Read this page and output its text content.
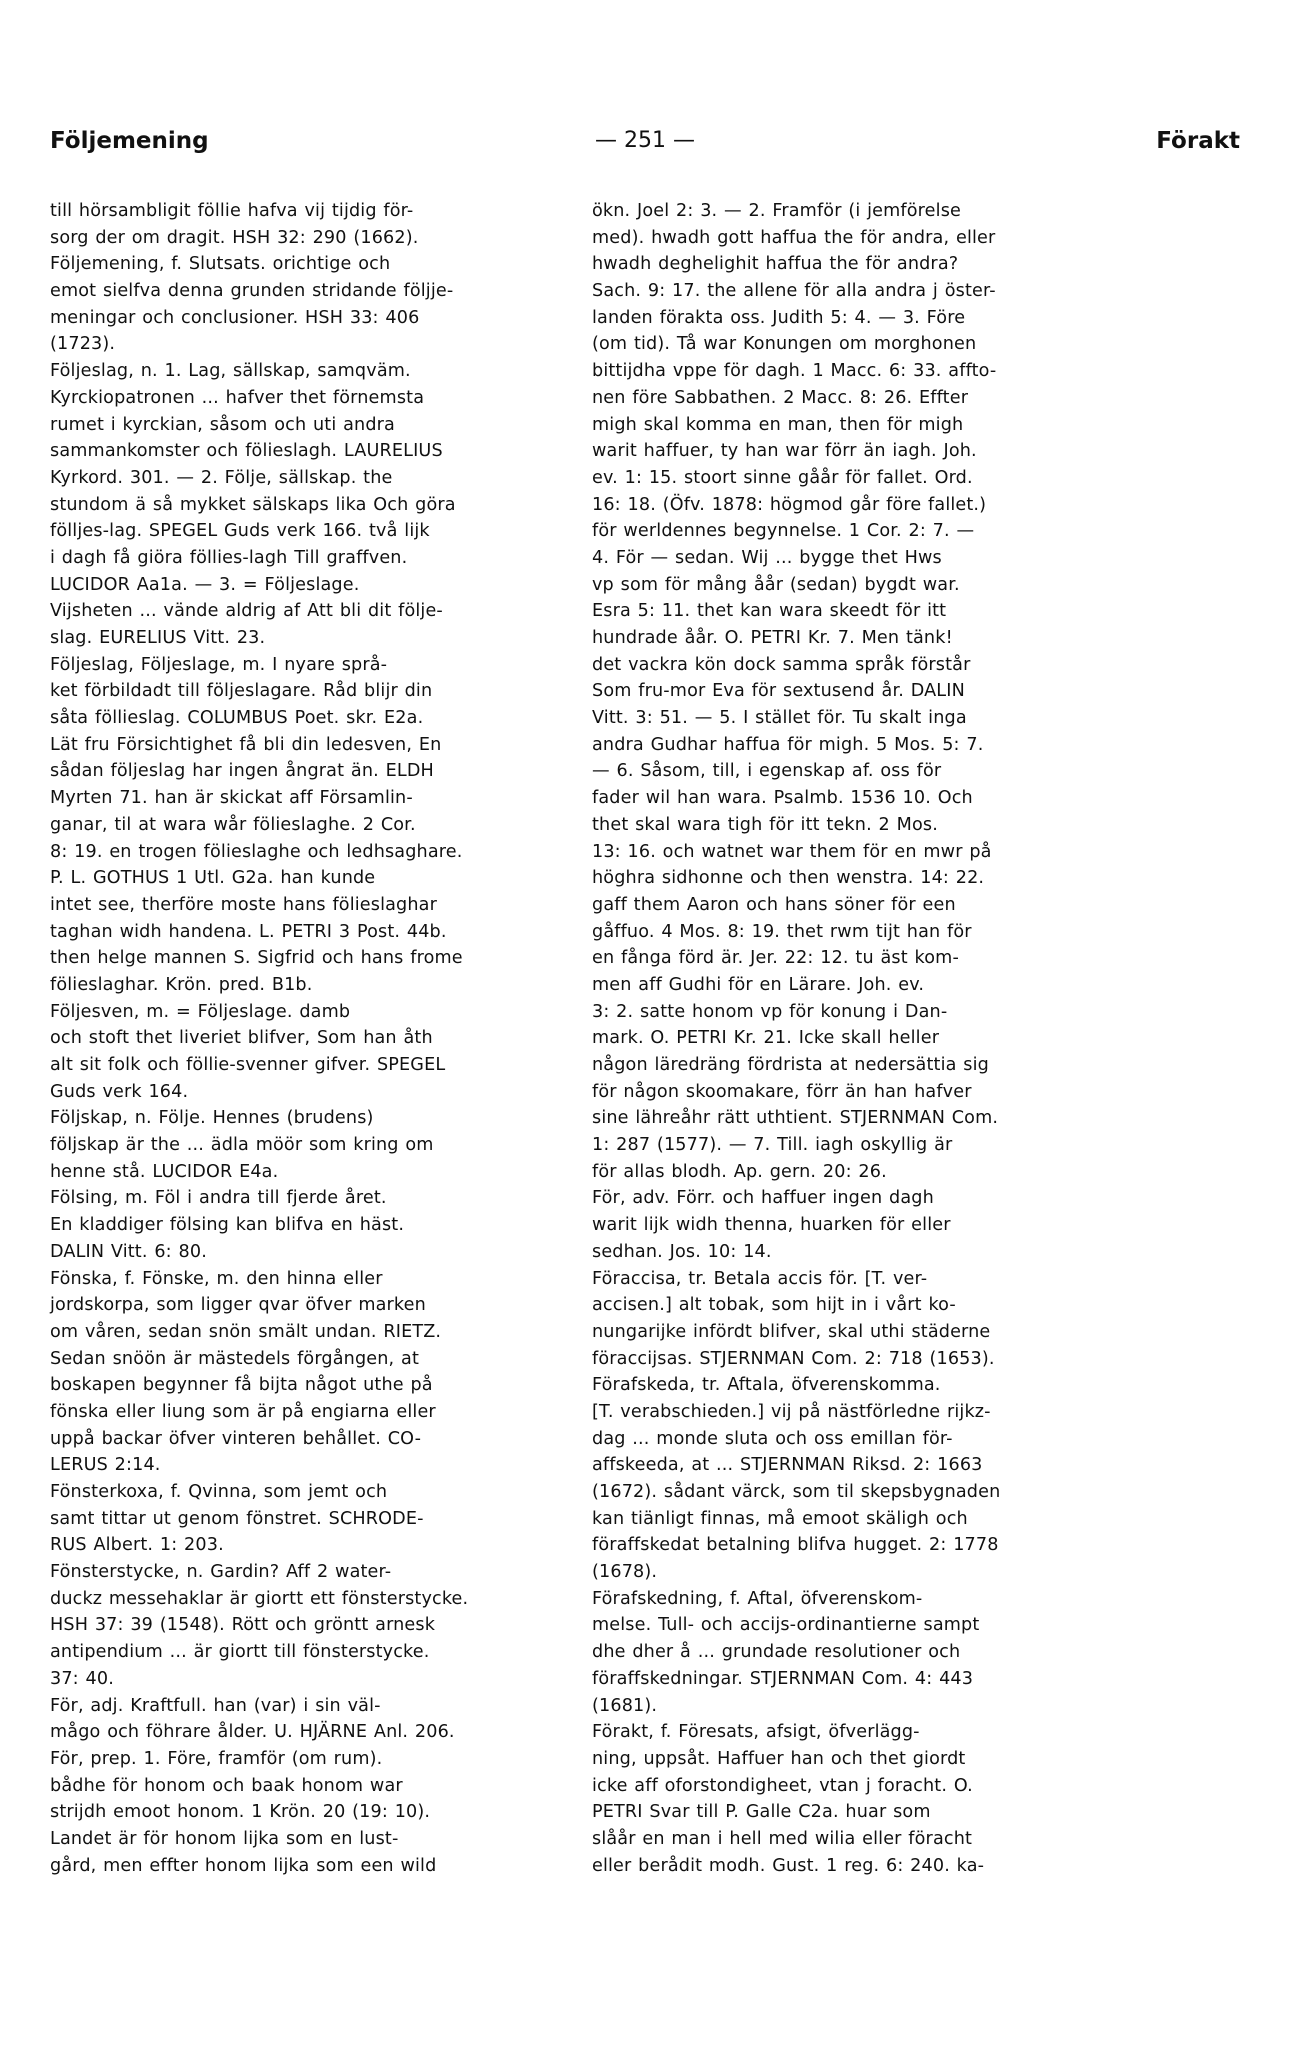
Följemening	— 251 —	Förakt
till hörsambligit föllie hafva vij tijdig för-
sorg der om dragit. HSH 32: 290 (1662).
Följemening, f. Slutsats. orichtige och
emot sielfva denna grunden stridande följje-
meningar och conclusioner. HSH 33: 406
(1723).
Följeslag, n. 1. Lag, sällskap, samqväm.
Kyrckiopatronen ... hafver thet förnemsta
rumet i kyrckian, såsom och uti andra
sammankomster och fölieslagh. LAURELIUS
Kyrkord. 301. — 2. Följe, sällskap. the
stundom ä så mykket sälskaps lika Och göra
fölljes-lag. SPEGEL Guds verk 166. två lijk
i dagh få giöra föllies-lagh Till graffven.
LUCIDOR Aa1a. — 3. = Följeslage.
Vijsheten ... vände aldrig af Att bli dit följe-
slag. EURELIUS Vitt. 23.
Följeslag, Följeslage, m. I nyare språ-
ket förbildadt till följeslagare. Råd blijr din
såta föllieslag. COLUMBUS Poet. skr. E2a.
Lät fru Försichtighet få bli din ledesven, En
sådan följeslag har ingen ångrat än. ELDH
Myrten 71. han är skickat aff Församlin-
ganar, til at wara wår fölieslaghe. 2 Cor.
8: 19. en trogen fölieslaghe och ledhsaghare.
P. L. GOTHUS 1 Utl. G2a. han kunde
intet see, therföre moste hans fölieslaghar
taghan widh handena. L. PETRI 3 Post. 44b.
then helge mannen S. Sigfrid och hans frome
fölieslaghar. Krön. pred. B1b.
Följesven, m. = Följeslage. damb
och stoft thet liveriet blifver, Som han åth
alt sit folk och föllie-svenner gifver. SPEGEL
Guds verk 164.
Följskap, n. Följe. Hennes (brudens)
följskap är the ... ädla möör som kring om
henne stå. LUCIDOR E4a.
Fölsing, m. Föl i andra till fjerde året.
En kladdiger fölsing kan blifva en häst.
DALIN Vitt. 6: 80.
Fönska, f. Fönske, m. den hinna eller
jordskorpa, som ligger qvar öfver marken
om våren, sedan snön smält undan. RIETZ.
Sedan snöön är mästedels förgången, at
boskapen begynner få bijta något uthe på
fönska eller liung som är på engiarna eller
uppå backar öfver vinteren behållet. CO-
LERUS 2:14.
Fönsterkoxa, f. Qvinna, som jemt och
samt tittar ut genom fönstret. SCHRODE-
RUS Albert. 1: 203.
Fönsterstycke, n. Gardin? Aff 2 water-
duckz messehaklar är giortt ett fönsterstycke.
HSH 37: 39 (1548). Rött och gröntt arnesk
antipendium ... är giortt till fönsterstycke.
37: 40.
För, adj. Kraftfull. han (var) i sin väl-
mågo och föhrare ålder. U. HJÄRNE Anl. 206.
För, prep. 1. Före, framför (om rum).
bådhe för honom och baak honom war
strijdh emoot honom. 1 Krön. 20 (19: 10).
Landet är för honom lijka som en lust-
gård, men effter honom lijka som een wild
ökn. Joel 2: 3. — 2. Framför (i jemförelse
med). hwadh gott haffua the för andra, eller
hwadh deghelighit haffua the för andra?
Sach. 9: 17. the allene för alla andra j öster-
landen föraktа oss. Judith 5: 4. — 3. Före
(om tid). Tå war Konungen om morghonen
bittijdha vppe för dagh. 1 Macc. 6: 33. affto-
nen före Sabbathen. 2 Macc. 8: 26. Effter
migh skal komma en man, then för migh
warit haffuer, ty han war förr än iagh. Joh.
ev. 1: 15. stoort sinne gåår för fallet. Ord.
16: 18. (Öfv. 1878: högmod går före fallet.)
för werldennes begynnelse. 1 Cor. 2: 7. —
4. För — sedan. Wij ... bygge thet Hws
vp som för mång åår (sedan) bygdt war.
Esra 5: 11. thet kan wara skeedt för itt
hundrade åår. O. PETRI Kr. 7. Men tänk!
det vackra kön dock samma språk förstår
Som fru-mor Eva för sextusend år. DALIN
Vitt. 3: 51. — 5. I stället för. Tu skalt inga
andra Gudhar haffua för migh. 5 Mos. 5: 7.
— 6. Såsom, till, i egenskap af. oss för
fader wil han wara. Psalmb. 1536 10. Och
thet skal wara tigh för itt tekn. 2 Mos.
13: 16. och watnet war them för en mwr på
höghra sidhonne och then wenstra. 14: 22.
gaff them Aaron och hans söner för een
gåffuo. 4 Mos. 8: 19. thet rwm tijt han för
en fånga förd är. Jer. 22: 12. tu äst kom-
men aff Gudhi för en Lärare. Joh. ev.
3: 2. satte honom vp för konung i Dan-
mark. O. PETRI Kr. 21. Icke skall heller
någon läredräng fördrista at nedersättia sig
för någon skoomakare, förr än han hafver
sine lähreåhr rätt uthtient. STJERNMAN Com.
1: 287 (1577). — 7. Till. iagh oskyllig är
för allas blodh. Ap. gern. 20: 26.
För, adv. Förr. och haffuer ingen dagh
warit lijk widh thenna, huarken för eller
sedhan. Jos. 10: 14.
Föraccisa, tr. Betala accis för. [T. ver-
accisen.] alt tobak, som hijt in i vårt ko-
nungarijke infördt blifver, skal uthi städerne
föraccijsas. STJERNMAN Com. 2: 718 (1653).
Förafskeda, tr. Aftala, öfverenskomma.
[T. verabschieden.] vij på nästförledne rijkz-
dag ... monde sluta och oss emillan för-
affskeeda, at ... STJERNMAN Riksd. 2: 1663
(1672). sådant värck, som til skepsbygnaden
kan tiänligt finnas, må emoot skäligh och
föraffskedat betalning blifva hugget. 2: 1778
(1678).
Förafskedning, f. Aftal, öfverenskom-
melse. Tull- och accijs-ordinantierne sampt
dhe dher å ... grundade resolutioner och
föraffskedningar. STJERNMAN Com. 4: 443
(1681).
Förakt, f. Föresats, afsigt, öfverlägg-
ning, uppsåt. Haffuer han och thet giordt
icke aff oforstondigheet, vtan j foracht. O.
PETRI Svar till P. Galle C2a. huar som
slåår en man i hell med wilia eller föracht
eller berådit modh. Gust. 1 reg. 6: 240. ka-
